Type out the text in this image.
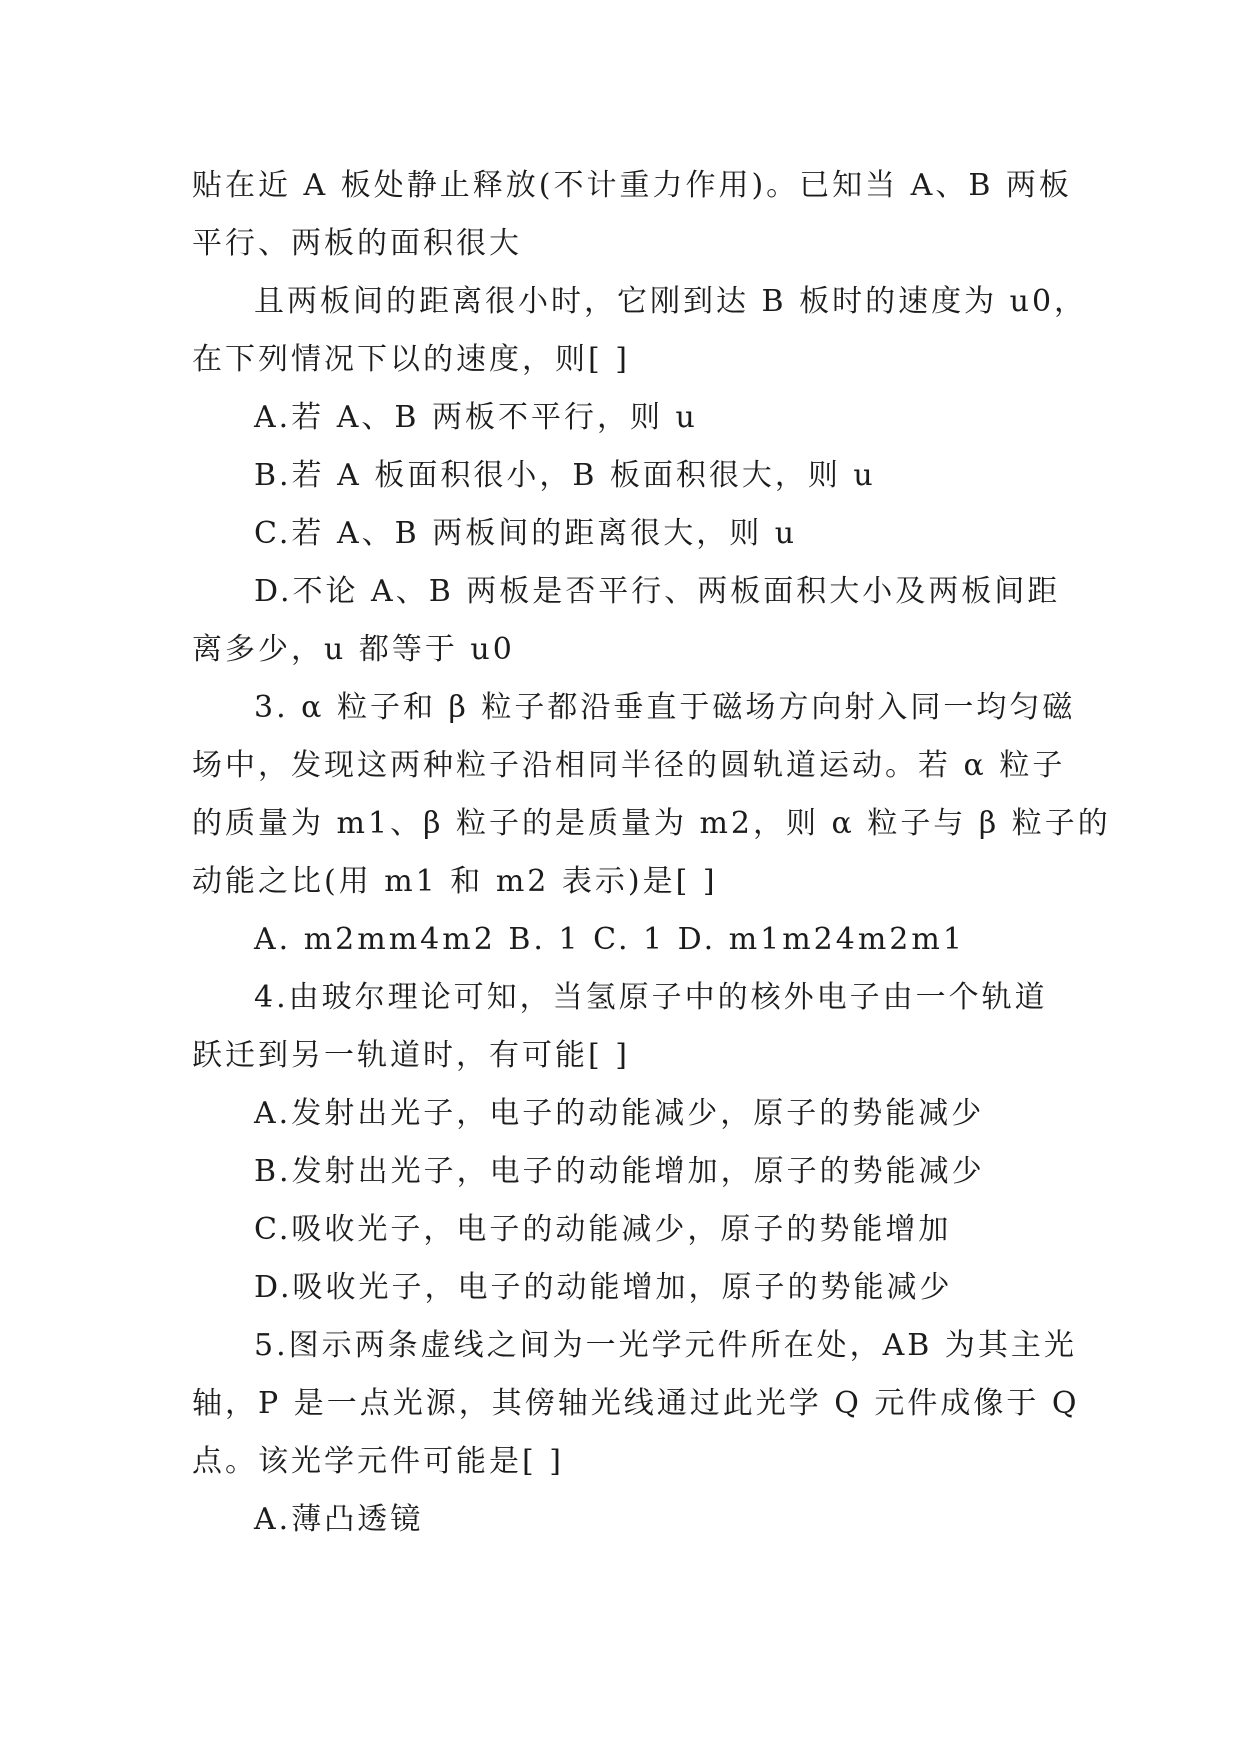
贴在近 A 板处静止释放(不计重力作用)。已知当 A、B 两板
平行、两板的面积很大
且两板间的距离很小时，它刚到达 B 板时的速度为 u0，
在下列情况下以的速度，则[ ]
A.若 A、B 两板不平行，则 u
B.若 A 板面积很小，B 板面积很大，则 u
C.若 A、B 两板间的距离很大，则 u
D.不论 A、B 两板是否平行、两板面积大小及两板间距
离多少，u 都等于 u0
3. α 粒子和 β 粒子都沿垂直于磁场方向射入同一均匀磁
场中，发现这两种粒子沿相同半径的圆轨道运动。若 α 粒子
的质量为 m1、β 粒子的是质量为 m2，则 α 粒子与 β 粒子的
动能之比(用 m1 和 m2 表示)是[ ]
A. m2mm4m2 B. 1 C. 1 D. m1m24m2m1
4.由玻尔理论可知，当氢原子中的核外电子由一个轨道
跃迁到另一轨道时，有可能[ ]
A.发射出光子，电子的动能减少，原子的势能减少
B.发射出光子，电子的动能增加，原子的势能减少
C.吸收光子，电子的动能减少，原子的势能增加
D.吸收光子，电子的动能增加，原子的势能减少
5.图示两条虚线之间为一光学元件所在处，AB 为其主光
轴，P 是一点光源，其傍轴光线通过此光学 Q 元件成像于 Q
点。该光学元件可能是[ ]
A.薄凸透镜
